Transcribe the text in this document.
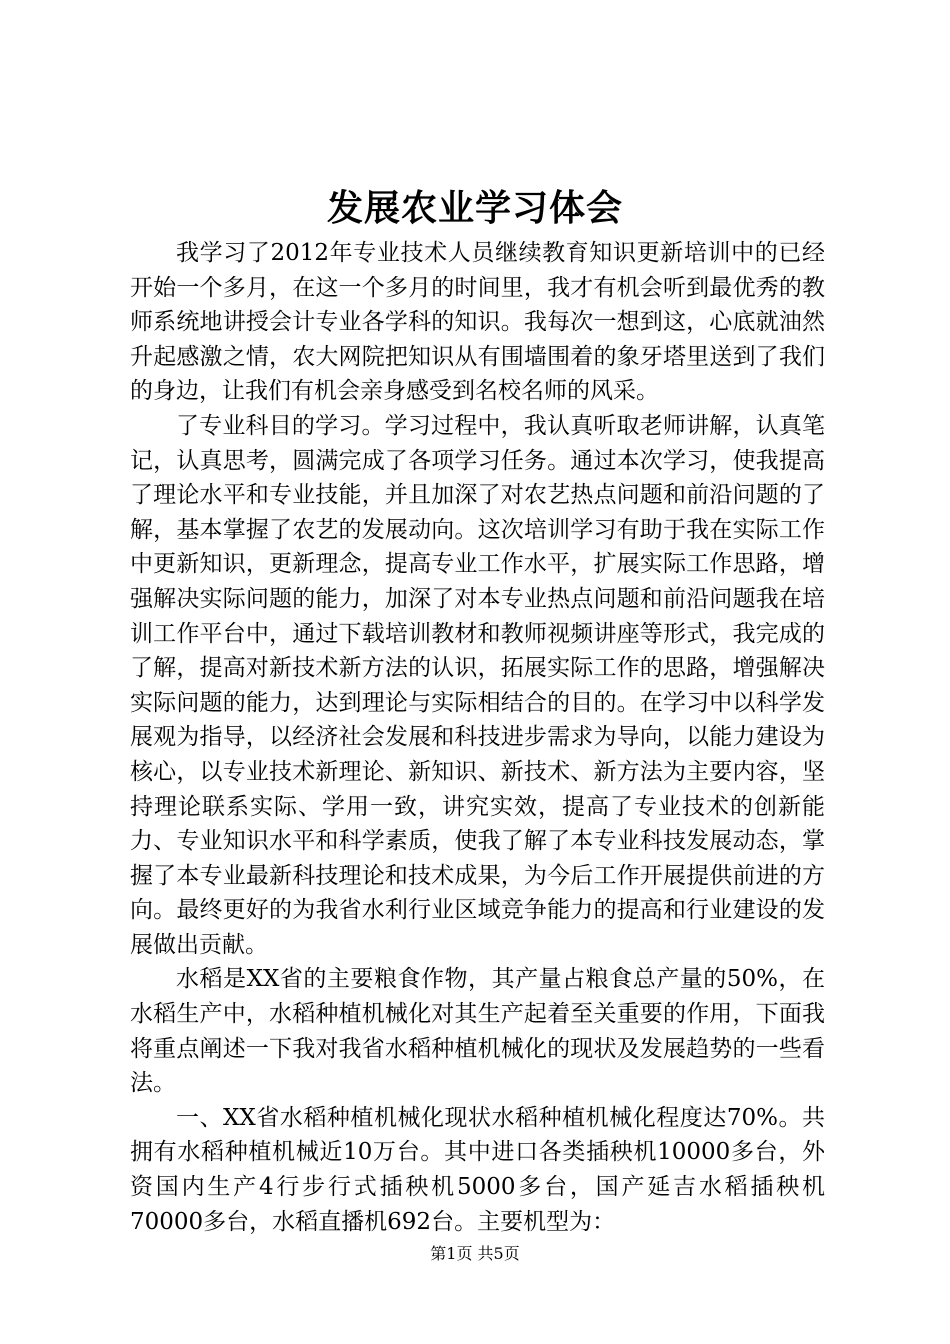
发展农业学习体会

我学习了2012年专业技术人员继续教育知识更新培训中的已经开始一个多月，在这一个多月的时间里，我才有机会听到最优秀的教师系统地讲授会计专业各学科的知识。我每次一想到这，心底就油然升起感激之情，农大网院把知识从有围墙围着的象牙塔里送到了我们的身边，让我们有机会亲身感受到名校名师的风采。

了专业科目的学习。学习过程中，我认真听取老师讲解，认真笔记，认真思考，圆满完成了各项学习任务。通过本次学习，使我提高了理论水平和专业技能，并且加深了对农艺热点问题和前沿问题的了解，基本掌握了农艺的发展动向。这次培训学习有助于我在实际工作中更新知识，更新理念，提高专业工作水平，扩展实际工作思路，增强解决实际问题的能力，加深了对本专业热点问题和前沿问题我在培训工作平台中，通过下载培训教材和教师视频讲座等形式，我完成的了解，提高对新技术新方法的认识，拓展实际工作的思路，增强解决实际问题的能力，达到理论与实际相结合的目的。在学习中以科学发展观为指导，以经济社会发展和科技进步需求为导向，以能力建设为核心，以专业技术新理论、新知识、新技术、新方法为主要内容，坚持理论联系实际、学用一致，讲究实效，提高了专业技术的创新能力、专业知识水平和科学素质，使我了解了本专业科技发展动态，掌握了本专业最新科技理论和技术成果，为今后工作开展提供前进的方向。最终更好的为我省水利行业区域竞争能力的提高和行业建设的发展做出贡献。

水稻是XX省的主要粮食作物，其产量占粮食总产量的50%，在水稻生产中，水稻种植机械化对其生产起着至关重要的作用，下面我将重点阐述一下我对我省水稻种植机械化的现状及发展趋势的一些看法。

一、XX省水稻种植机械化现状水稻种植机械化程度达70%。共拥有水稻种植机械近10万台。其中进口各类插秧机10000多台，外资国内生产4行步行式插秧机5000多台，国产延吉水稻插秧机70000多台，水稻直播机692台。主要机型为：

第1页 共5页
